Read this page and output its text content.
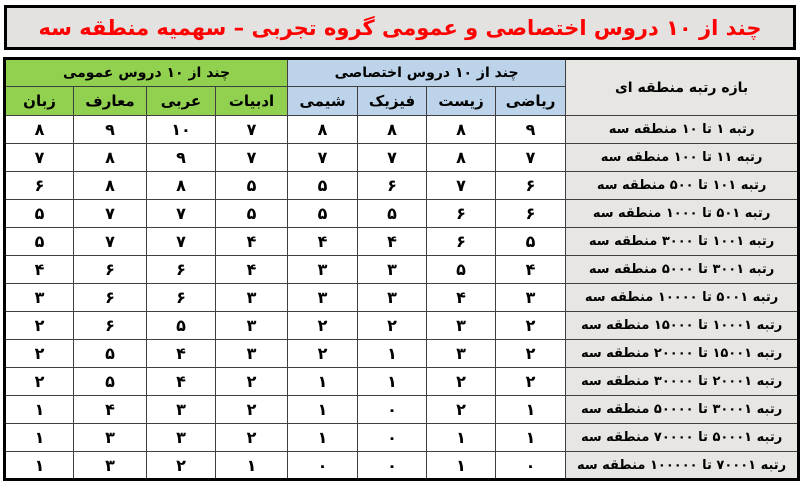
چند از ۱۰ دروس اختصاصی و عمومی گروه تجربی – سهمیه منطقه سه
چند از ۱۰ دروس عمومی				چند از ۱۰ دروس اختصاصی				بازه رتبه منطقه ای
زبان	معارف	عربی	ادبیات	شیمی	فیزیک	زیست	ریاضی	
۸	۹	۱۰	۷	۸	۸	۸	۹	رتبه ۱ تا ۱۰ منطقه سه
۷	۸	۹	۷	۷	۷	۸	۷	رتبه ۱۱ تا ۱۰۰ منطقه سه
۶	۸	۸	۵	۵	۶	۷	۶	رتبه ۱۰۱ تا ۵۰۰ منطقه سه
۵	۷	۷	۵	۵	۵	۶	۶	رتبه ۵۰۱ تا ۱۰۰۰ منطقه سه
۵	۷	۷	۴	۴	۴	۶	۵	رتبه ۱۰۰۱ تا ۳۰۰۰ منطقه سه
۴	۶	۶	۴	۳	۳	۵	۴	رتبه ۳۰۰۱ تا ۵۰۰۰ منطقه سه
۳	۶	۶	۳	۳	۳	۴	۳	رتبه ۵۰۰۱ تا ۱۰۰۰۰ منطقه سه
۲	۶	۵	۳	۲	۲	۳	۲	رتبه ۱۰۰۰۱ تا ۱۵۰۰۰ منطقه سه
۲	۵	۴	۳	۲	۱	۳	۲	رتبه ۱۵۰۰۱ تا ۲۰۰۰۰ منطقه سه
۲	۵	۴	۲	۱	۱	۲	۲	رتبه ۲۰۰۰۱ تا ۳۰۰۰۰ منطقه سه
۱	۴	۳	۲	۱	۰	۲	۱	رتبه ۳۰۰۰۱ تا ۵۰۰۰۰ منطقه سه
۱	۳	۳	۲	۱	۰	۱	۱	رتبه ۵۰۰۰۱ تا ۷۰۰۰۰ منطقه سه
۱	۳	۲	۱	۰	۰	۱	۰	رتبه ۷۰۰۰۱ تا ۱۰۰۰۰۰ منطقه سه
